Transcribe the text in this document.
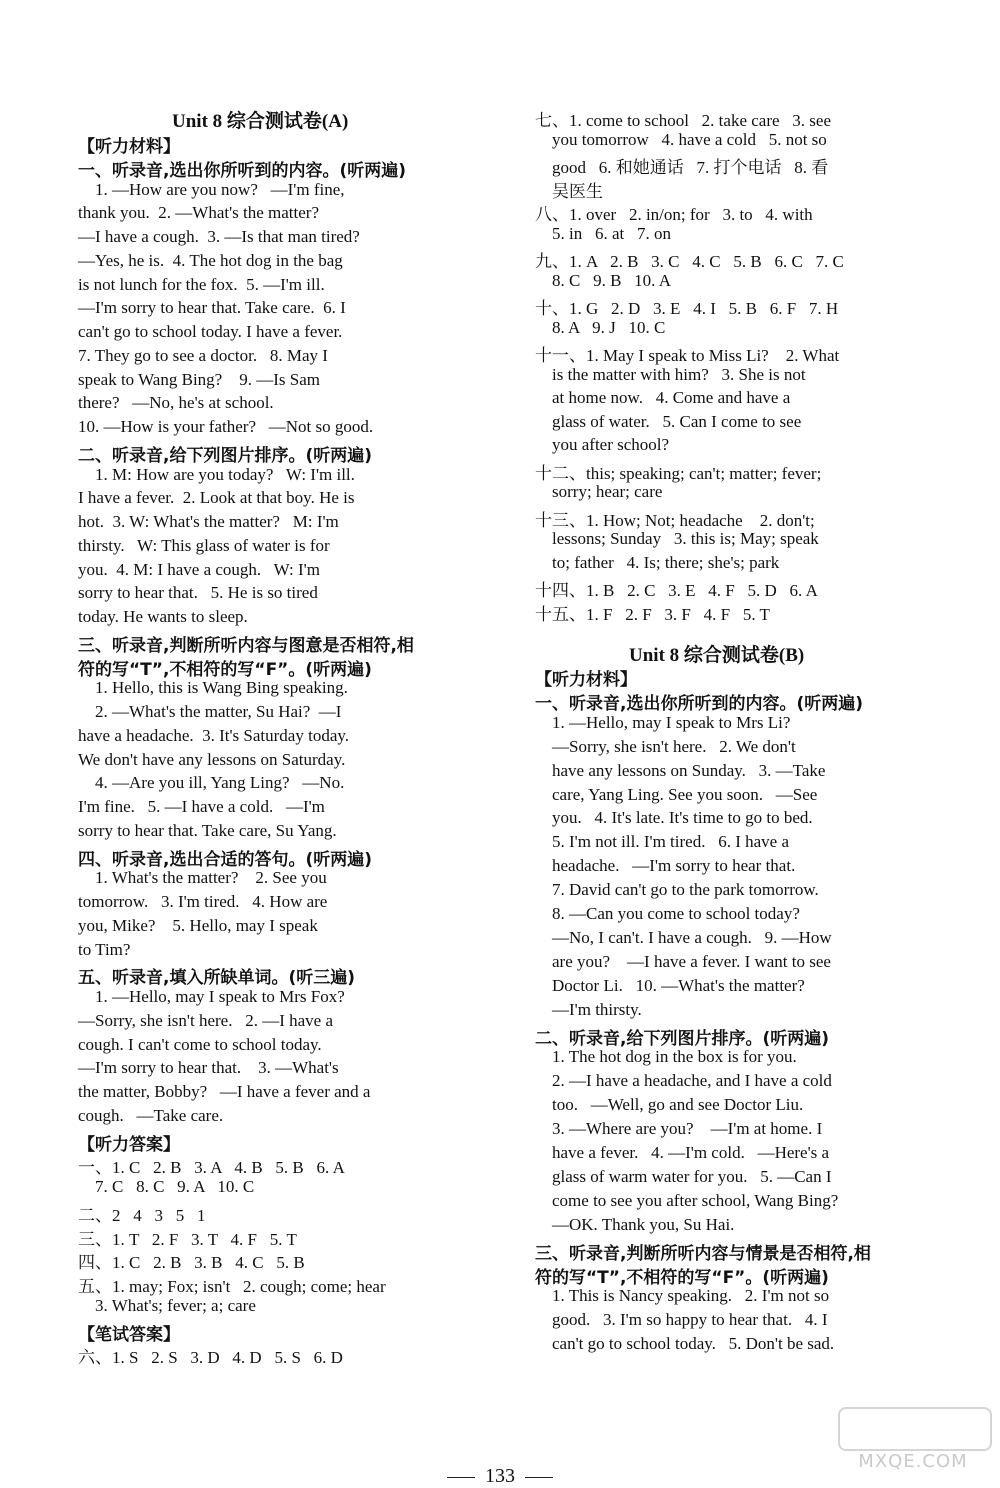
Unit 8 综合测试卷(A)
【听力材料】
一、听录音,选出你所听到的内容。(听两遍)
1. —How are you now?   —I'm fine,
thank you.  2. —What's the matter?
—I have a cough.  3. —Is that man tired?
—Yes, he is.  4. The hot dog in the bag
is not lunch for the fox.  5. —I'm ill.
—I'm sorry to hear that. Take care.  6. I
can't go to school today. I have a fever.
7. They go to see a doctor.   8. May I
speak to Wang Bing?    9. —Is Sam
there?   —No, he's at school.
10. —How is your father?   —Not so good.
二、听录音,给下列图片排序。(听两遍)
1. M: How are you today?   W: I'm ill.
I have a fever.  2. Look at that boy. He is
hot.  3. W: What's the matter?   M: I'm
thirsty.   W: This glass of water is for
you.  4. M: I have a cough.   W: I'm
sorry to hear that.   5. He is so tired
today. He wants to sleep.
三、听录音,判断所听内容与图意是否相符,相
符的写“T”,不相符的写“F”。(听两遍)
1. Hello, this is Wang Bing speaking.
2. —What's the matter, Su Hai?  —I
have a headache.  3. It's Saturday today.
We don't have any lessons on Saturday.
4. —Are you ill, Yang Ling?   —No.
I'm fine.   5. —I have a cold.   —I'm
sorry to hear that. Take care, Su Yang.
四、听录音,选出合适的答句。(听两遍)
1. What's the matter?    2. See you
tomorrow.   3. I'm tired.   4. How are
you, Mike?    5. Hello, may I speak
to Tim?
五、听录音,填入所缺单词。(听三遍)
1. —Hello, may I speak to Mrs Fox?
—Sorry, she isn't here.   2. —I have a
cough. I can't come to school today.
—I'm sorry to hear that.    3. —What's
the matter, Bobby?   —I have a fever and a
cough.   —Take care.
【听力答案】
一、1. C   2. B   3. A   4. B   5. B   6. A
7. C   8. C   9. A   10. C
二、2   4   3   5   1
三、1. T   2. F   3. T   4. F   5. T
四、1. C   2. B   3. B   4. C   5. B
五、1. may; Fox; isn't   2. cough; come; hear
3. What's; fever; a; care
【笔试答案】
六、1. S   2. S   3. D   4. D   5. S   6. D
七、1. come to school   2. take care   3. see
you tomorrow   4. have a cold   5. not so
good   6. 和她通话   7. 打个电话   8. 看
吴医生
八、1. over   2. in/on; for   3. to   4. with
5. in   6. at   7. on
九、1. A   2. B   3. C   4. C   5. B   6. C   7. C
8. C   9. B   10. A
十、1. G   2. D   3. E   4. I   5. B   6. F   7. H
8. A   9. J   10. C
十一、1. May I speak to Miss Li?    2. What
is the matter with him?   3. She is not
at home now.   4. Come and have a
glass of water.   5. Can I come to see
you after school?
十二、this; speaking; can't; matter; fever;
sorry; hear; care
十三、1. How; Not; headache    2. don't;
lessons; Sunday   3. this is; May; speak
to; father   4. Is; there; she's; park
十四、1. B   2. C   3. E   4. F   5. D   6. A
十五、1. F   2. F   3. F   4. F   5. T
Unit 8 综合测试卷(B)
【听力材料】
一、听录音,选出你所听到的内容。(听两遍)
1. —Hello, may I speak to Mrs Li?
—Sorry, she isn't here.   2. We don't
have any lessons on Sunday.   3. —Take
care, Yang Ling. See you soon.   —See
you.   4. It's late. It's time to go to bed.
5. I'm not ill. I'm tired.   6. I have a
headache.   —I'm sorry to hear that.
7. David can't go to the park tomorrow.
8. —Can you come to school today?
—No, I can't. I have a cough.   9. —How
are you?    —I have a fever. I want to see
Doctor Li.   10. —What's the matter?
—I'm thirsty.
二、听录音,给下列图片排序。(听两遍)
1. The hot dog in the box is for you.
2. —I have a headache, and I have a cold
too.   —Well, go and see Doctor Liu.
3. —Where are you?    —I'm at home. I
have a fever.   4. —I'm cold.   —Here's a
glass of warm water for you.   5. —Can I
come to see you after school, Wang Bing?
—OK. Thank you, Su Hai.
三、听录音,判断所听内容与情景是否相符,相
符的写“T”,不相符的写“F”。(听两遍)
1. This is Nancy speaking.   2. I'm not so
good.   3. I'm so happy to hear that.   4. I
can't go to school today.   5. Don't be sad.
133
MXQE.COM
